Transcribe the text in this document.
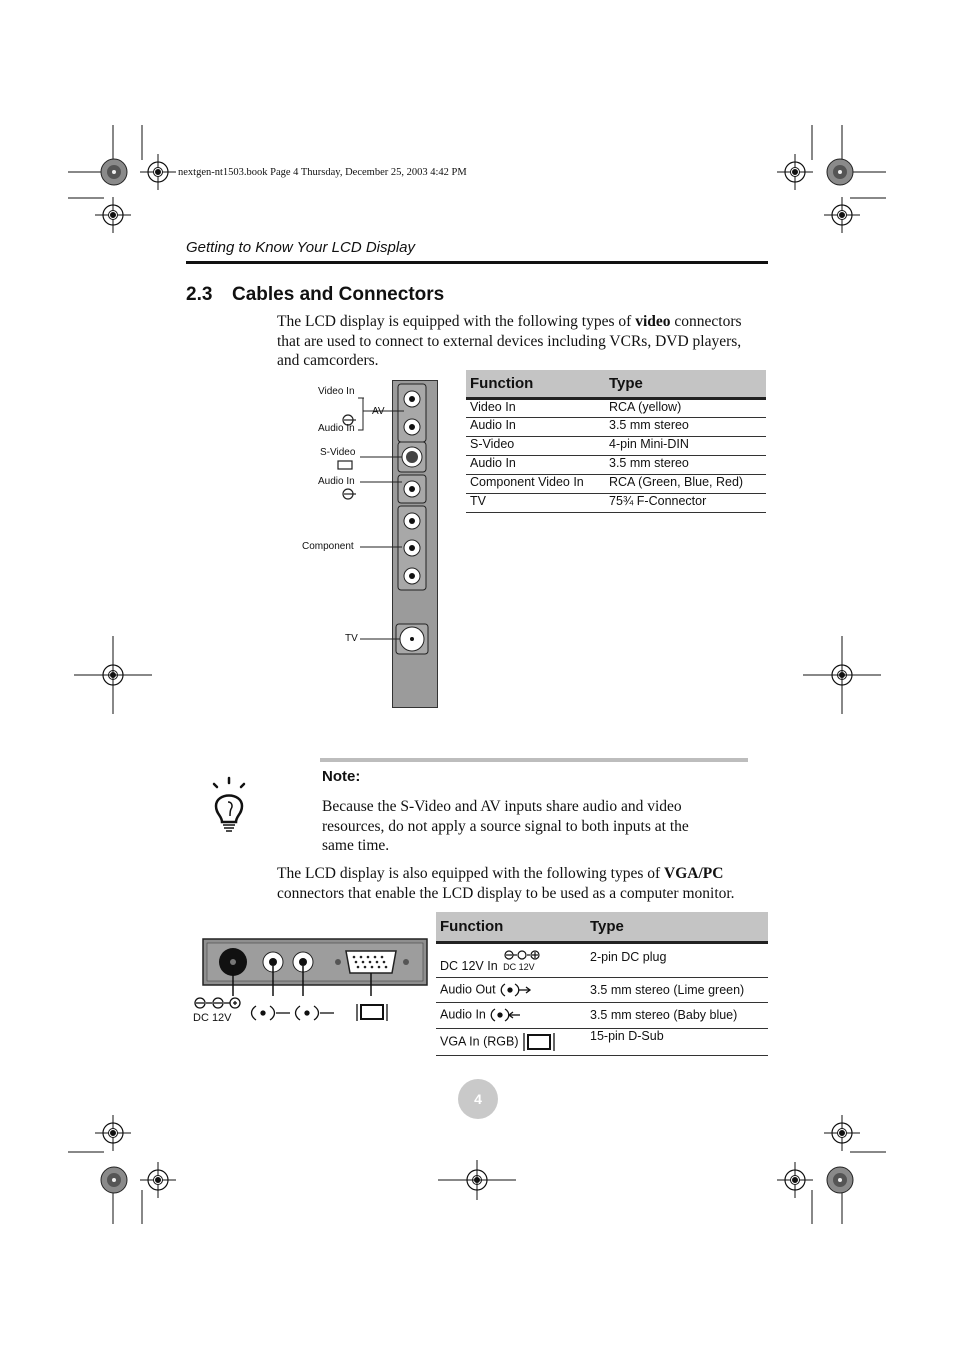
nextgen-nt1503.book Page 4 Thursday, December 25, 2003 4:42 PM
Getting to Know Your LCD Display
2.3 Cables and Connectors
The LCD display is equipped with the following types of video connectors that are used to connect to external devices including VCRs, DVD players, and camcorders.
Video In
AV
Audio In
S-Video
Audio In
Component
TV
Function	Type
Video In	RCA (yellow)
Audio In	3.5 mm stereo
S-Video	4-pin Mini-DIN
Audio In	3.5 mm stereo
Component Video In	RCA (Green, Blue, Red)
TV	75¾ F-Connector
Note:
Because the S-Video and AV inputs share audio and video resources, do not apply a source signal to both inputs at the same time.
The LCD display is also equipped with the following types of VGA/PC connectors that enable the LCD display to be used as a computer monitor.
DC 12V
Function	Type
DC 12V In DC 12V	2-pin DC plug
Audio Out	3.5 mm stereo (Lime green)
Audio In	3.5 mm stereo (Baby blue)
VGA In (RGB)	15-pin D-Sub
4
